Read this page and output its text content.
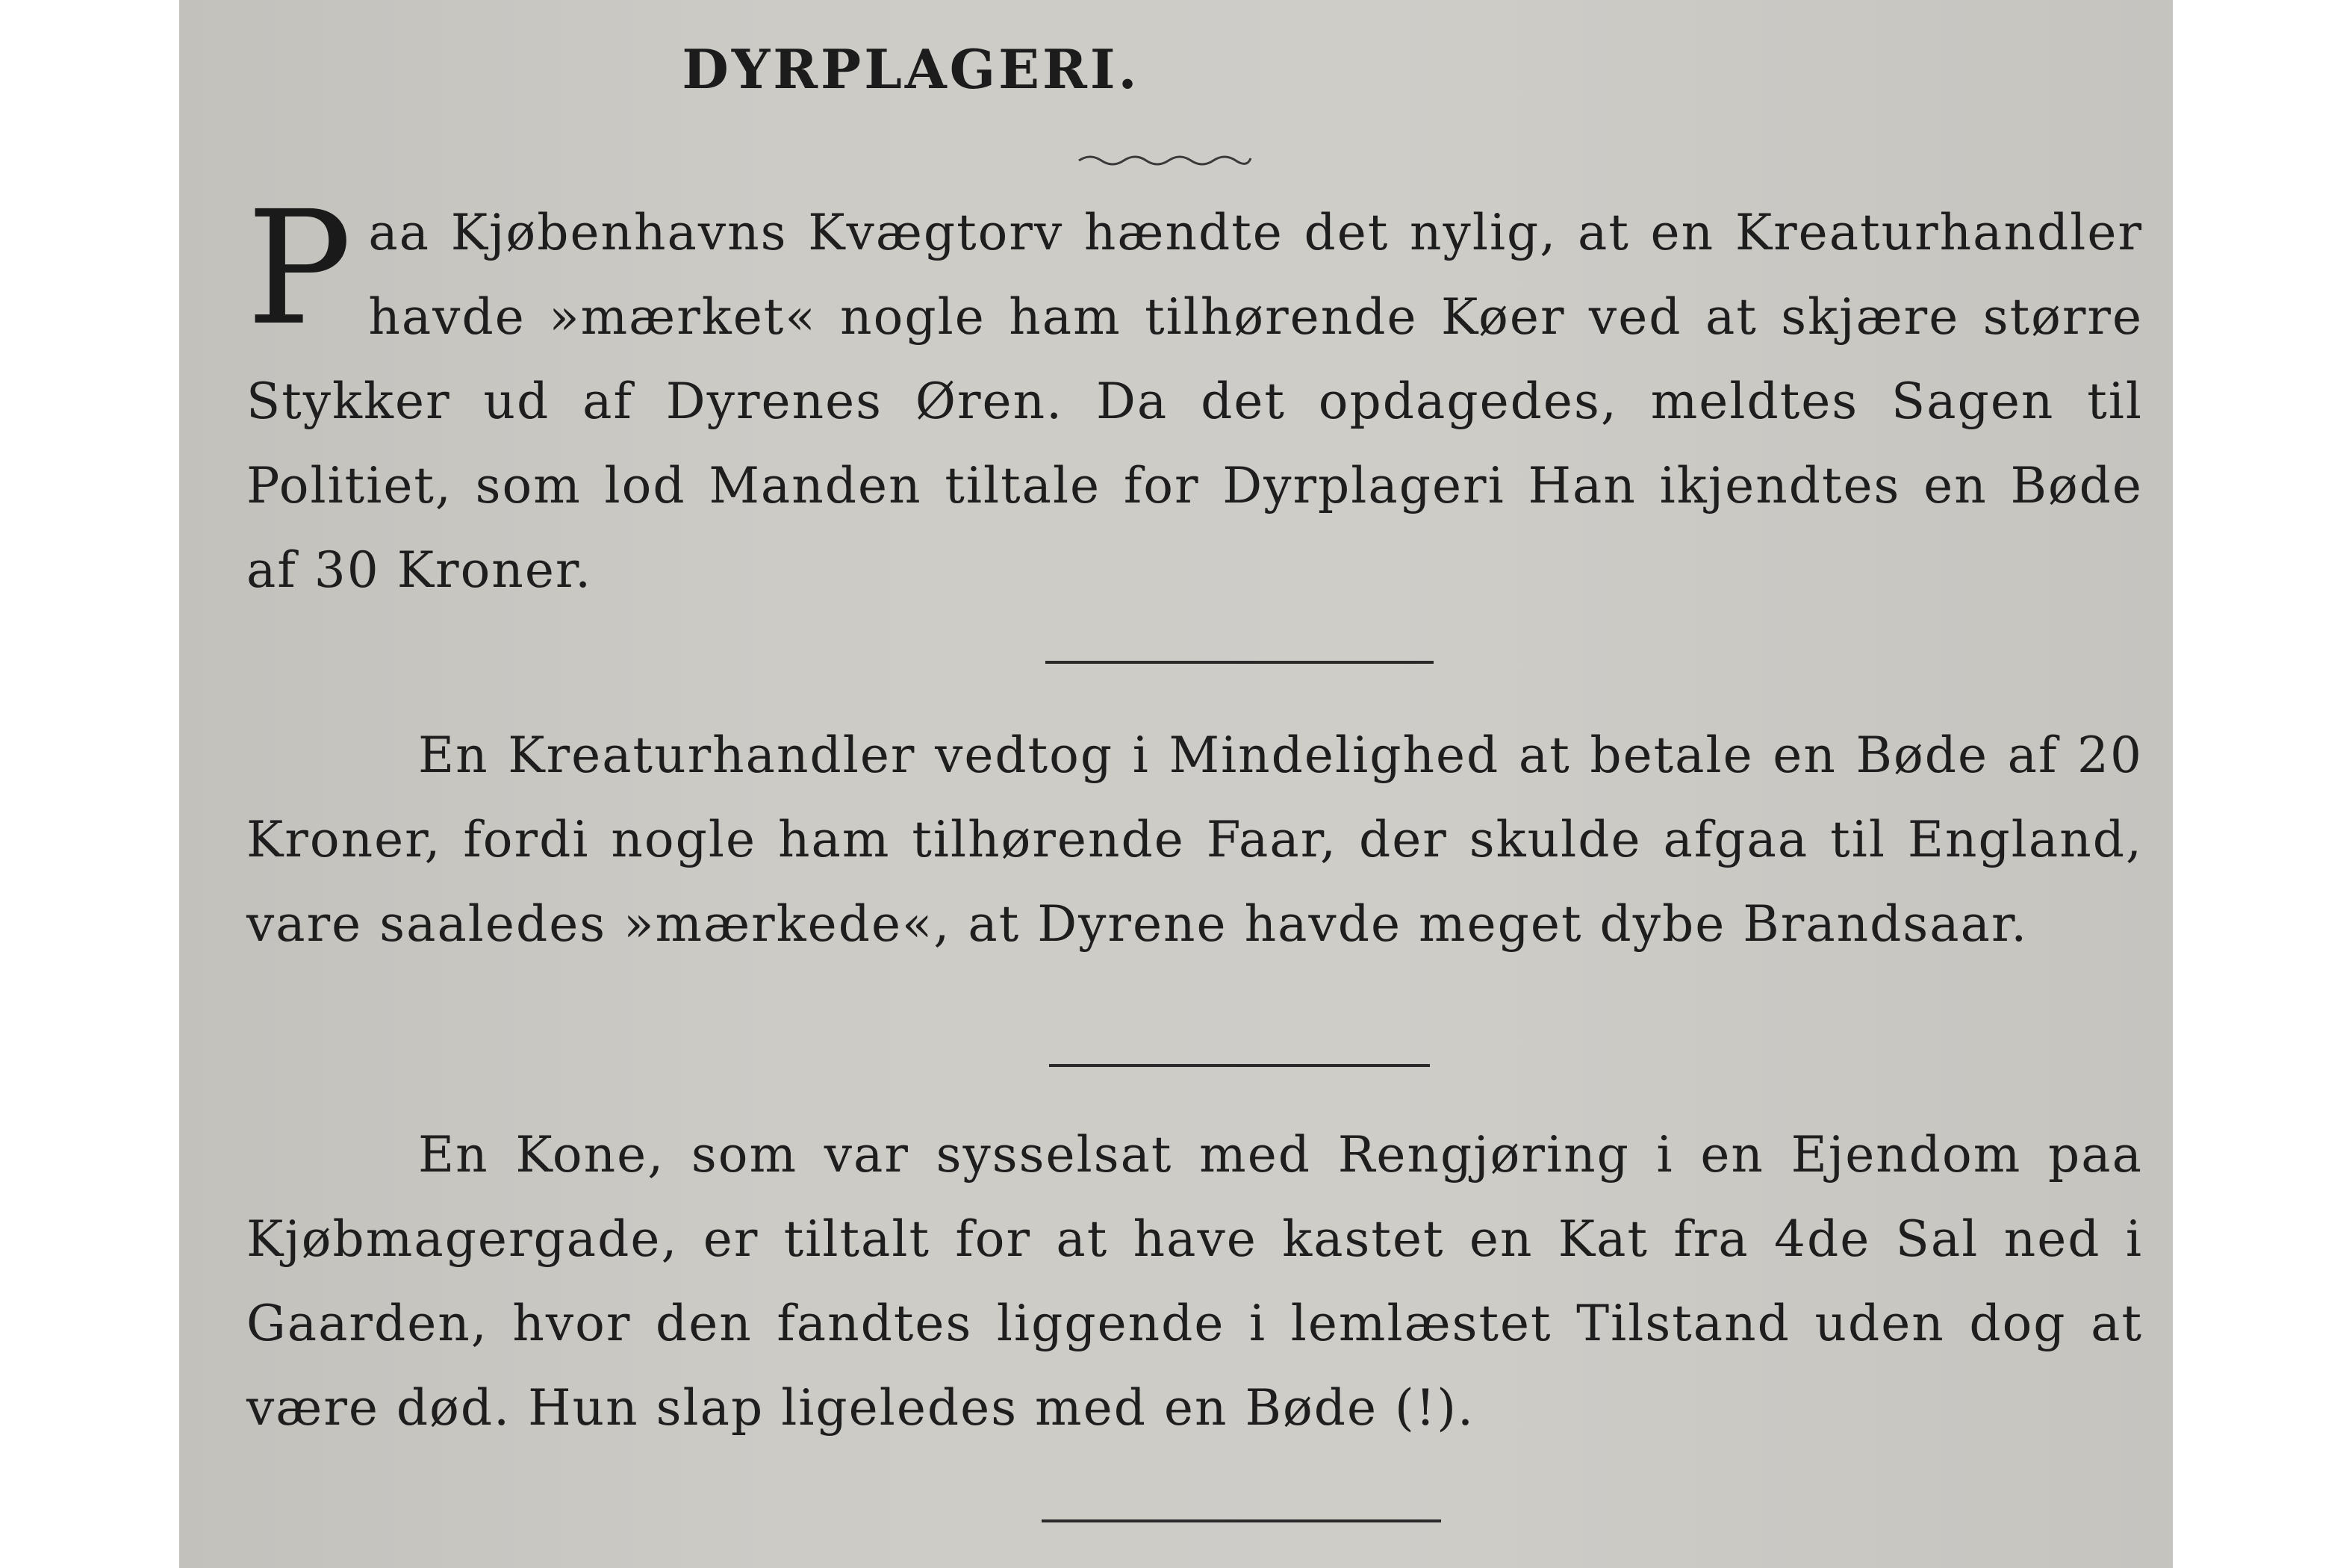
DYRPLAGERI.

Paa Kjøbenhavns Kvægtorv hændte det nylig, at en Kreaturhandler havde »mærket« nogle ham tilhørende Køer ved at skjære større Stykker ud af Dyrenes Øren. Da det opdagedes, meldtes Sagen til Politiet, som lod Manden tiltale for Dyrplageri Han ikjendtes en Bøde af 30 Kroner.

En Kreaturhandler vedtog i Mindelighed at betale en Bøde af 20 Kroner, fordi nogle ham tilhørende Faar, der skulde afgaa til England, vare saaledes »mærkede«, at Dyrene havde meget dybe Brandsaar.

En Kone, som var sysselsat med Rengjøring i en Ejendom paa Kjøbmagergade, er tiltalt for at have kastet en Kat fra 4de Sal ned i Gaarden, hvor den fandtes liggende i lemlæstet Tilstand uden dog at være død. Hun slap ligeledes med en Bøde (!).
